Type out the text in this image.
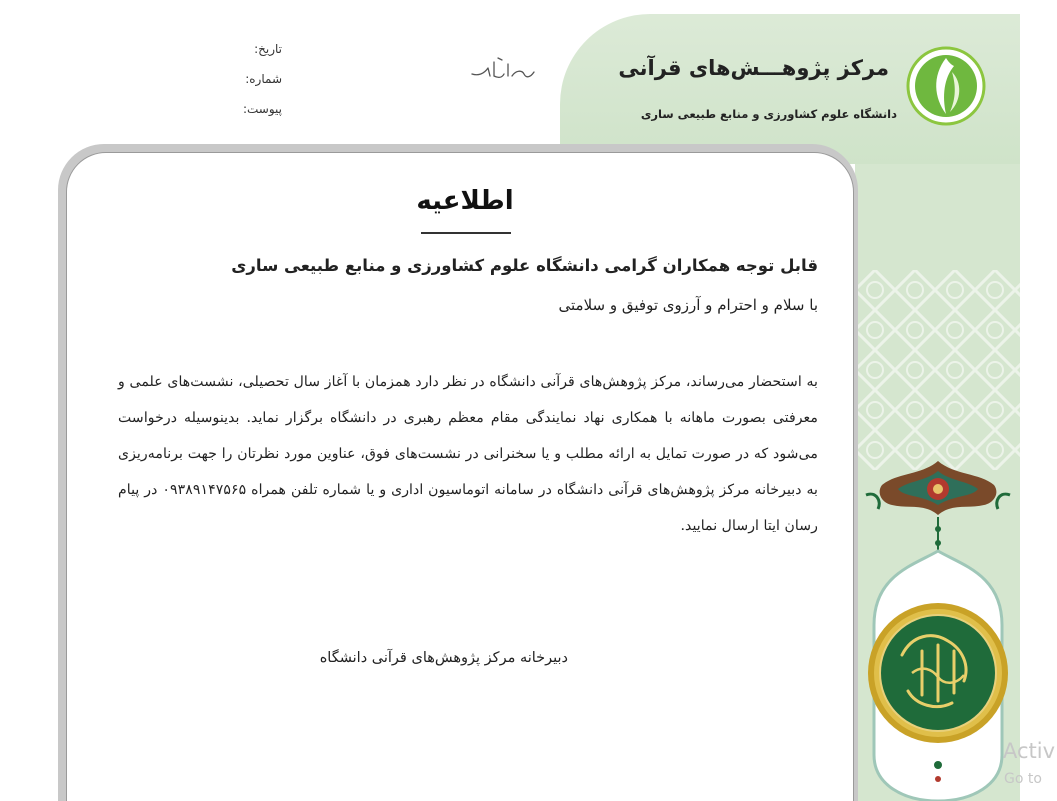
مرکز پژوهـــش‌های قرآنی
دانشگاه علوم کشاورزی و منابع طبیعی ساری
تاریخ:
شماره:
پیوست:
اطلاعیه
قابل توجه همکاران گرامی دانشگاه علوم کشاورزی و منابع طبیعی ساری
با سلام و احترام و آرزوی توفیق و سلامتی
به استحضار می‌رساند، مرکز پژوهش‌های قرآنی دانشگاه در نظر دارد همزمان با آغاز سال تحصیلی، نشست‌های علمی و معرفتی بصورت ماهانه با همکاری نهاد نمایندگی مقام معظم رهبری در دانشگاه برگزار نماید. بدینوسیله درخواست می‌شود که در صورت تمایل به ارائه مطلب و یا سخنرانی در نشست‌های فوق، عناوین مورد نظرتان را جهت برنامه‌ریزی به دبیرخانه مرکز پژوهش‌های قرآنی دانشگاه در سامانه اتوماسیون اداری و یا شماره تلفن همراه ۰۹۳۸۹۱۴۷۵۶۵ در پیام رسان ایتا ارسال نمایید.
دبیرخانه مرکز پژوهش‌های قرآنی دانشگاه
Activ
Go to
